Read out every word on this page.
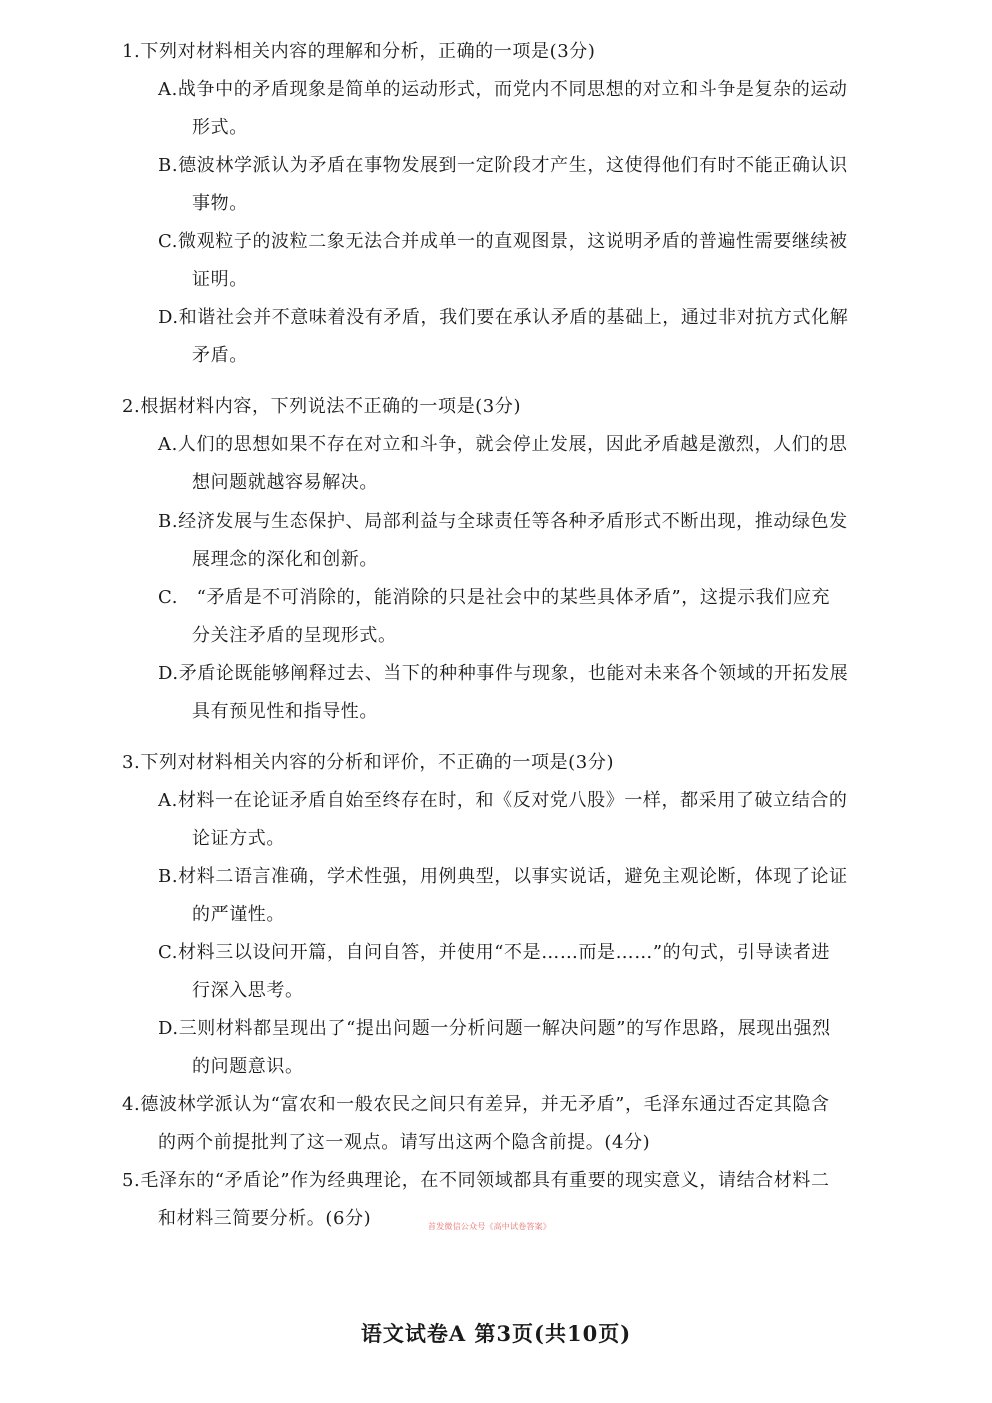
1.下列对材料相关内容的理解和分析，正确的一项是(3分)
A.战争中的矛盾现象是简单的运动形式，而党内不同思想的对立和斗争是复杂的运动
形式。
B.德波林学派认为矛盾在事物发展到一定阶段才产生，这使得他们有时不能正确认识
事物。
C.微观粒子的波粒二象无法合并成单一的直观图景，这说明矛盾的普遍性需要继续被
证明。
D.和谐社会并不意味着没有矛盾，我们要在承认矛盾的基础上，通过非对抗方式化解
矛盾。
2.根据材料内容，下列说法不正确的一项是(3分)
A.人们的思想如果不存在对立和斗争，就会停止发展，因此矛盾越是激烈，人们的思
想问题就越容易解决。
B.经济发展与生态保护、局部利益与全球责任等各种矛盾形式不断出现，推动绿色发
展理念的深化和创新。
C.　“矛盾是不可消除的，能消除的只是社会中的某些具体矛盾”，这提示我们应充
分关注矛盾的呈现形式。
D.矛盾论既能够阐释过去、当下的种种事件与现象，也能对未来各个领域的开拓发展
具有预见性和指导性。
3.下列对材料相关内容的分析和评价，不正确的一项是(3分)
A.材料一在论证矛盾自始至终存在时，和《反对党八股》一样，都采用了破立结合的
论证方式。
B.材料二语言准确，学术性强，用例典型，以事实说话，避免主观论断，体现了论证
的严谨性。
C.材料三以设问开篇，自问自答，并使用“不是……而是……”的句式，引导读者进
行深入思考。
D.三则材料都呈现出了“提出问题一分析问题一解决问题”的写作思路，展现出强烈
的问题意识。
4.德波林学派认为“富农和一般农民之间只有差异，并无矛盾”，毛泽东通过否定其隐含
的两个前提批判了这一观点。请写出这两个隐含前提。(4分)
5.毛泽东的“矛盾论”作为经典理论，在不同领域都具有重要的现实意义，请结合材料二
和材料三简要分析。(6分)	首发微信公众号《高中试卷答案》
语文试卷A 第3页(共10页)
